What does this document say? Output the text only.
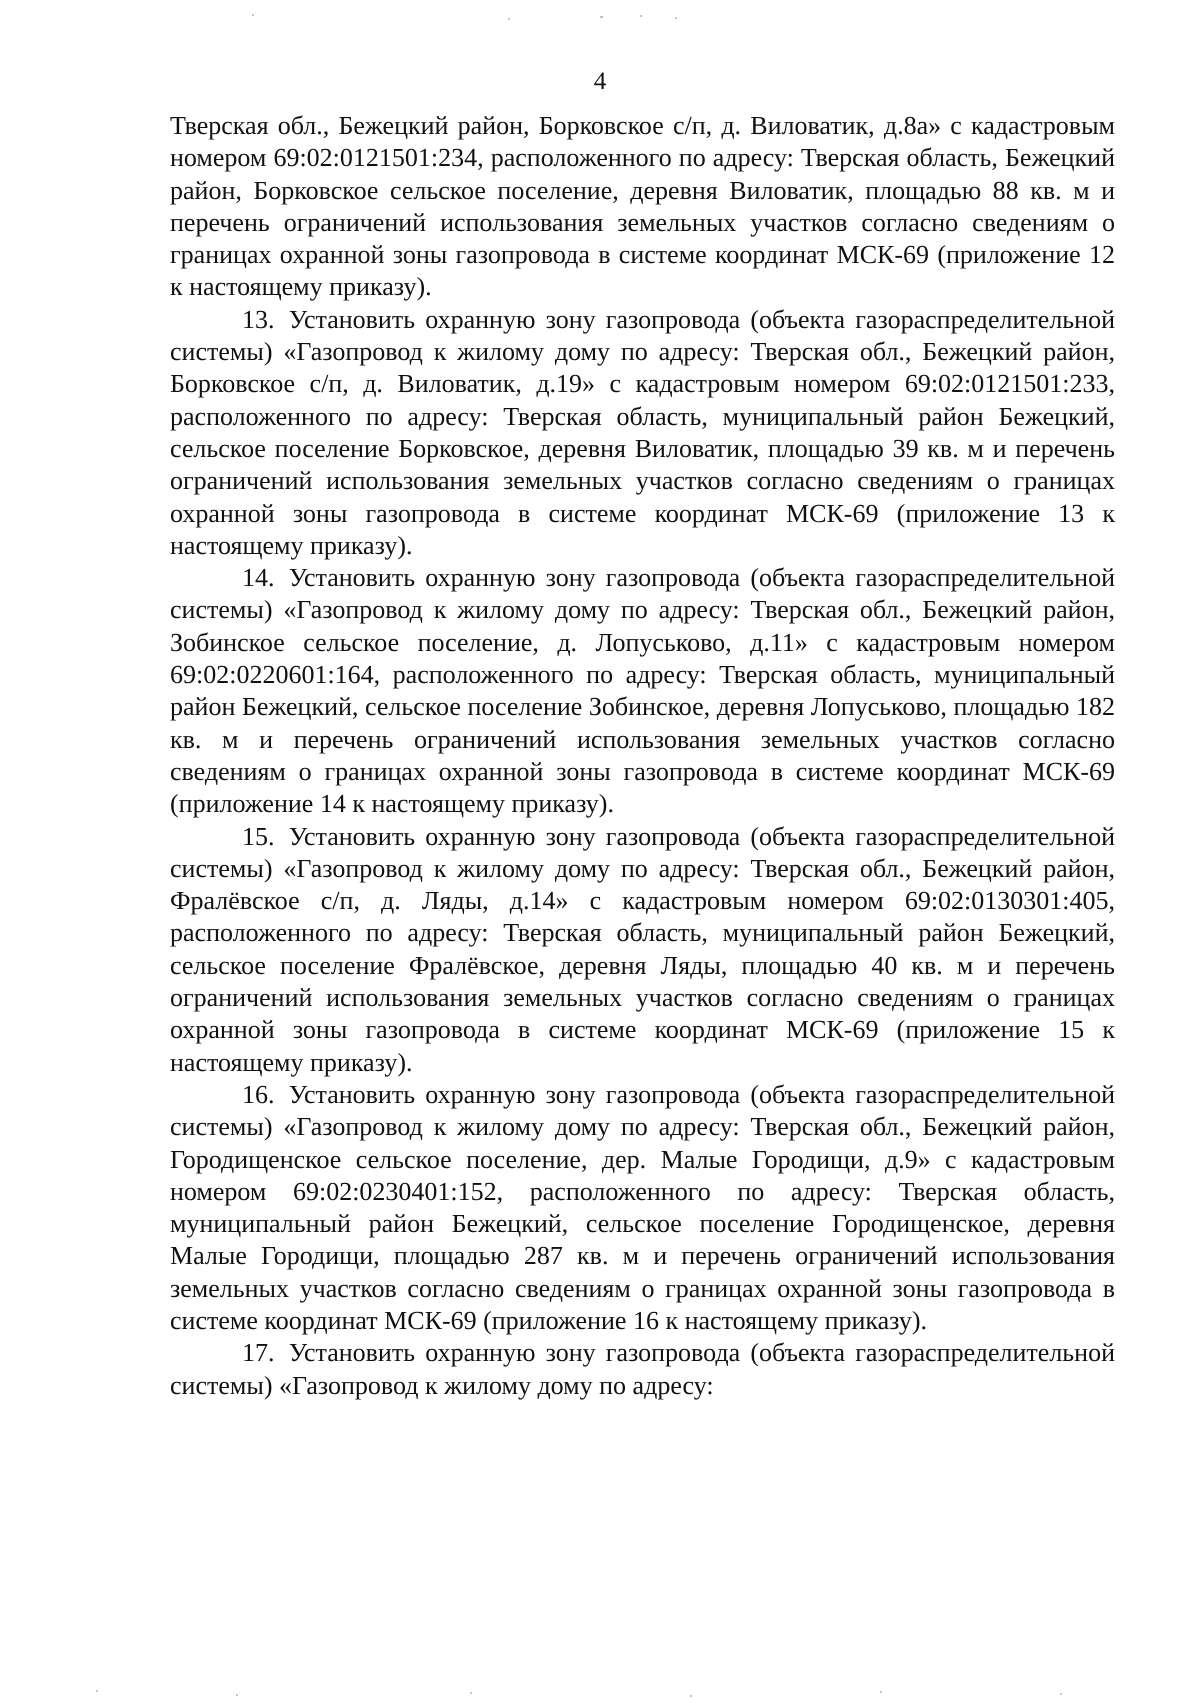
4

Тверская обл., Бежецкий район, Борковское с/п, д. Виловатик, д.8а» с кадастровым номером 69:02:0121501:234, расположенного по адресу: Тверская область, Бежецкий район, Борковское сельское поселение, деревня Виловатик, площадью 88 кв. м и перечень ограничений использования земельных участков согласно сведениям о границах охранной зоны газопровода в системе координат МСК-69 (приложение 12 к настоящему приказу).

13. Установить охранную зону газопровода (объекта газораспределительной системы) «Газопровод к жилому дому по адресу: Тверская обл., Бежецкий район, Борковское с/п, д. Виловатик, д.19» с кадастровым номером 69:02:0121501:233, расположенного по адресу: Тверская область, муниципальный район Бежецкий, сельское поселение Борковское, деревня Виловатик, площадью 39 кв. м и перечень ограничений использования земельных участков согласно сведениям о границах охранной зоны газопровода в системе координат МСК-69 (приложение 13 к настоящему приказу).

14. Установить охранную зону газопровода (объекта газораспределительной системы) «Газопровод к жилому дому по адресу: Тверская обл., Бежецкий район, Зобинское сельское поселение, д. Лопуськово, д.11» с кадастровым номером 69:02:0220601:164, расположенного по адресу: Тверская область, муниципальный район Бежецкий, сельское поселение Зобинское, деревня Лопуськово, площадью 182 кв. м и перечень ограничений использования земельных участков согласно сведениям о границах охранной зоны газопровода в системе координат МСК-69 (приложение 14 к настоящему приказу).

15. Установить охранную зону газопровода (объекта газораспределительной системы) «Газопровод к жилому дому по адресу: Тверская обл., Бежецкий район, Фралёвское с/п, д. Ляды, д.14» с кадастровым номером 69:02:0130301:405, расположенного по адресу: Тверская область, муниципальный район Бежецкий, сельское поселение Фралёвское, деревня Ляды, площадью 40 кв. м и перечень ограничений использования земельных участков согласно сведениям о границах охранной зоны газопровода в системе координат МСК-69 (приложение 15 к настоящему приказу).

16. Установить охранную зону газопровода (объекта газораспределительной системы) «Газопровод к жилому дому по адресу: Тверская обл., Бежецкий район, Городищенское сельское поселение, дер. Малые Городищи, д.9» с кадастровым номером 69:02:0230401:152, расположенного по адресу: Тверская область, муниципальный район Бежецкий, сельское поселение Городищенское, деревня Малые Городищи, площадью 287 кв. м и перечень ограничений использования земельных участков согласно сведениям о границах охранной зоны газопровода в системе координат МСК-69 (приложение 16 к настоящему приказу).

17. Установить охранную зону газопровода (объекта газораспределительной системы) «Газопровод к жилому дому по адресу:
